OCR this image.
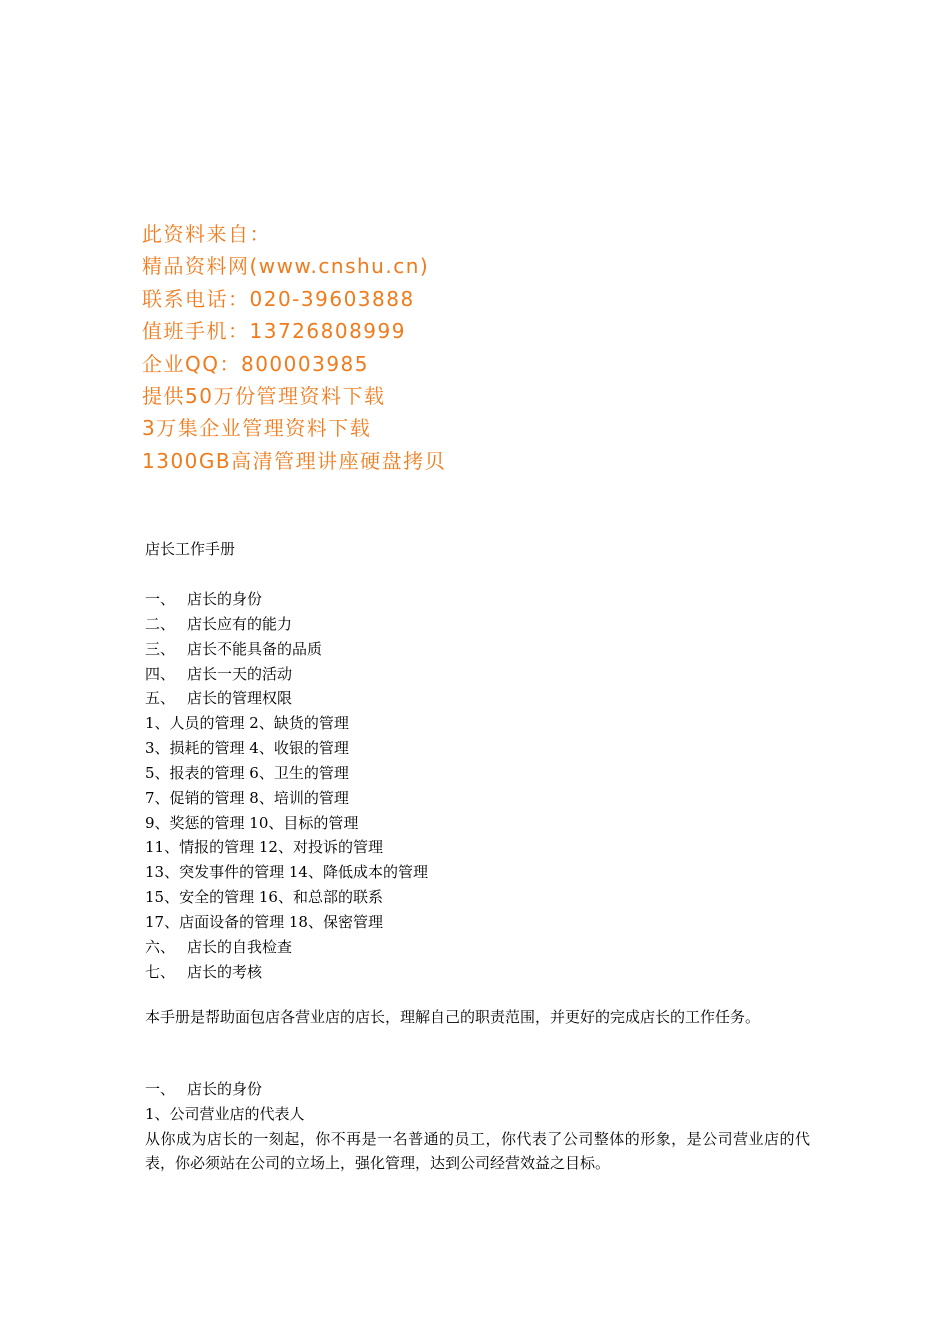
此资料来自：
精品资料网(www.cnshu.cn)
联系电话：020-39603888
值班手机：13726808999
企业QQ：800003985
提供50万份管理资料下载
3万集企业管理资料下载
1300GB高清管理讲座硬盘拷贝
店长工作手册
一、 店长的身份
二、 店长应有的能力
三、 店长不能具备的品质
四、 店长一天的活动
五、 店长的管理权限
1、人员的管理 2、缺货的管理
3、损耗的管理 4、收银的管理
5、报表的管理 6、卫生的管理
7、促销的管理 8、培训的管理
9、奖惩的管理 10、目标的管理
11、情报的管理 12、对投诉的管理
13、突发事件的管理 14、降低成本的管理
15、安全的管理 16、和总部的联系
17、店面设备的管理 18、保密管理
六、 店长的自我检查
七、 店长的考核
本手册是帮助面包店各营业店的店长，理解自己的职责范围，并更好的完成店长的工作任务。
一、 店长的身份
1、公司营业店的代表人
从你成为店长的一刻起，你不再是一名普通的员工，你代表了公司整体的形象，是公司营业店的代表，你必须站在公司的立场上，强化管理，达到公司经营效益之目标。
